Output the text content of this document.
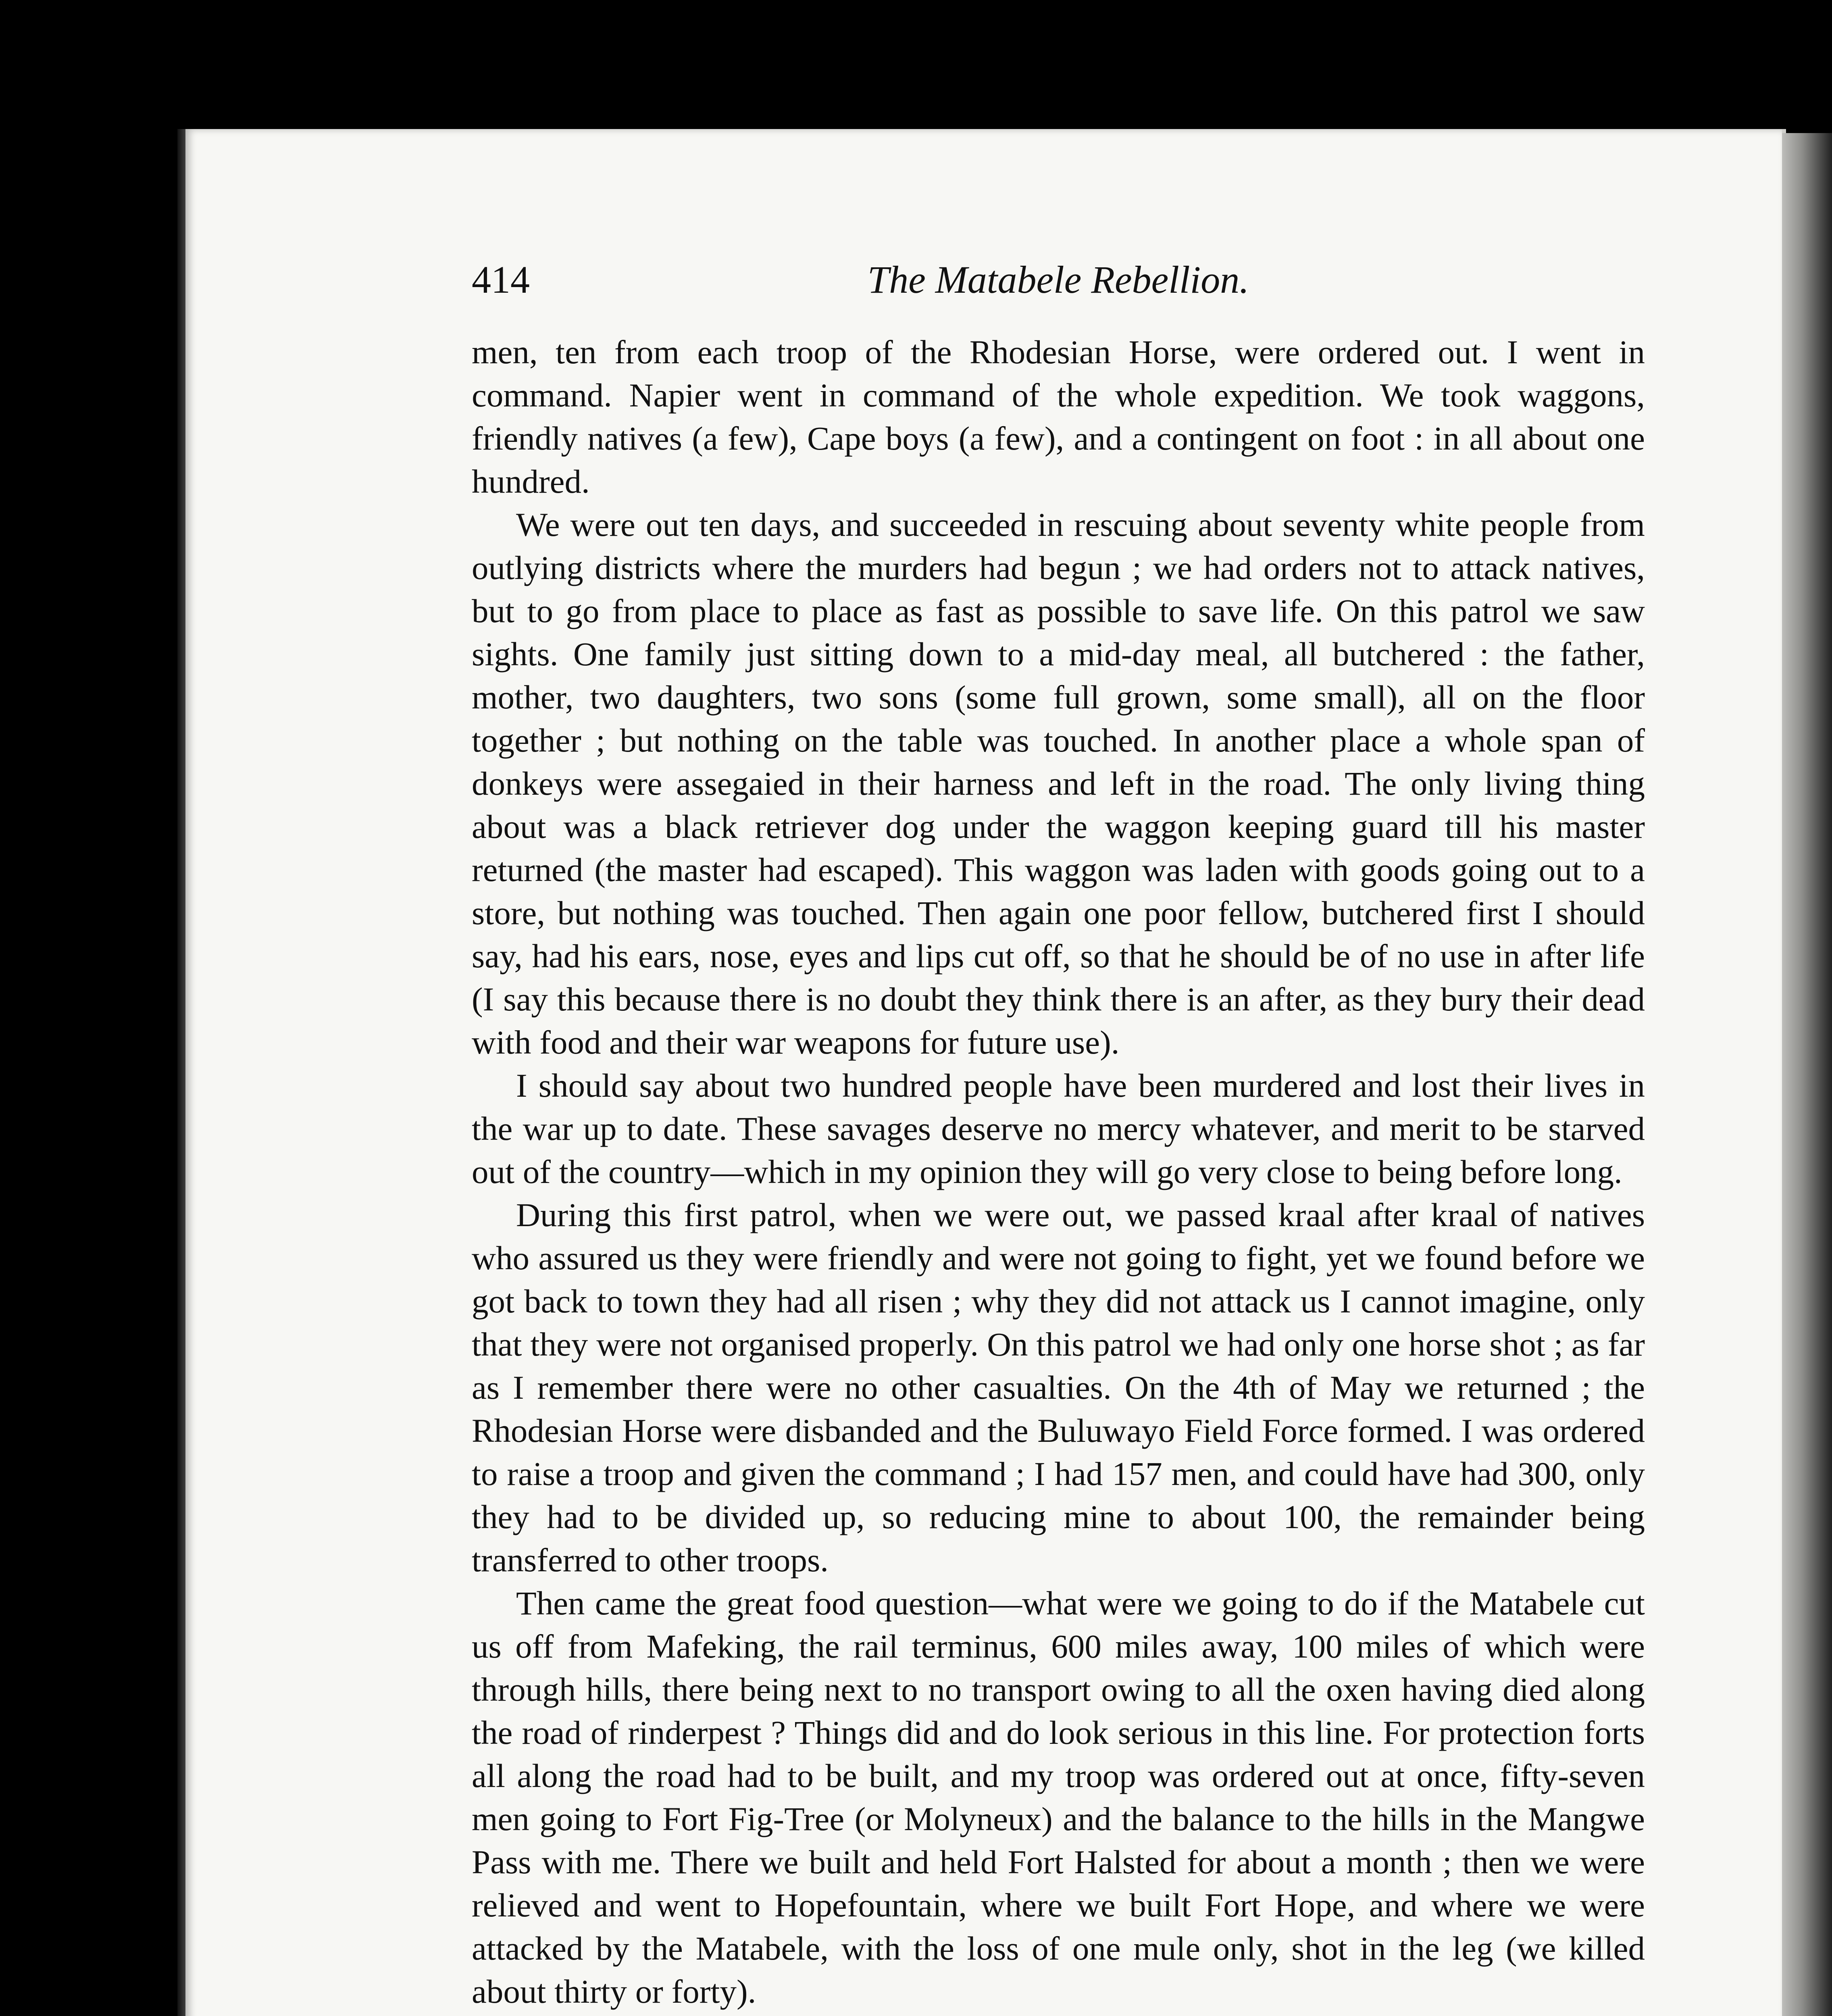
414	The Matabele Rebellion.

men, ten from each troop of the Rhodesian Horse, were ordered out. I went in command. Napier went in command of the whole expedition. We took waggons, friendly natives (a few), Cape boys (a few), and a contingent on foot : in all about one hundred.

We were out ten days, and succeeded in rescuing about seventy white people from outlying districts where the murders had begun ; we had orders not to attack natives, but to go from place to place as fast as possible to save life. On this patrol we saw sights. One family just sitting down to a mid-day meal, all butchered : the father, mother, two daughters, two sons (some full grown, some small), all on the floor together ; but nothing on the table was touched. In another place a whole span of donkeys were assegaied in their harness and left in the road. The only living thing about was a black retriever dog under the waggon keeping guard till his master returned (the master had escaped). This waggon was laden with goods going out to a store, but nothing was touched. Then again one poor fellow, butchered first I should say, had his ears, nose, eyes and lips cut off, so that he should be of no use in after life (I say this because there is no doubt they think there is an after, as they bury their dead with food and their war weapons for future use).

I should say about two hundred people have been murdered and lost their lives in the war up to date. These savages deserve no mercy whatever, and merit to be starved out of the country—which in my opinion they will go very close to being before long.

During this first patrol, when we were out, we passed kraal after kraal of natives who assured us they were friendly and were not going to fight, yet we found before we got back to town they had all risen ; why they did not attack us I cannot imagine, only that they were not organised properly. On this patrol we had only one horse shot ; as far as I remember there were no other casualties. On the 4th of May we returned ; the Rhodesian Horse were disbanded and the Buluwayo Field Force formed. I was ordered to raise a troop and given the command ; I had 157 men, and could have had 300, only they had to be divided up, so reducing mine to about 100, the remainder being transferred to other troops.

Then came the great food question—what were we going to do if the Matabele cut us off from Mafeking, the rail terminus, 600 miles away, 100 miles of which were through hills, there being next to no transport owing to all the oxen having died along the road of rinderpest ? Things did and do look serious in this line. For protection forts all along the road had to be built, and my troop was ordered out at once, fifty-seven men going to Fort Fig-Tree (or Molyneux) and the balance to the hills in the Mangwe Pass with me. There we built and held Fort Halsted for about a month ; then we were relieved and went to Hopefountain, where we built Fort Hope, and where we were attacked by the Matabele, with the loss of one mule only, shot in the leg (we killed about thirty or forty).
